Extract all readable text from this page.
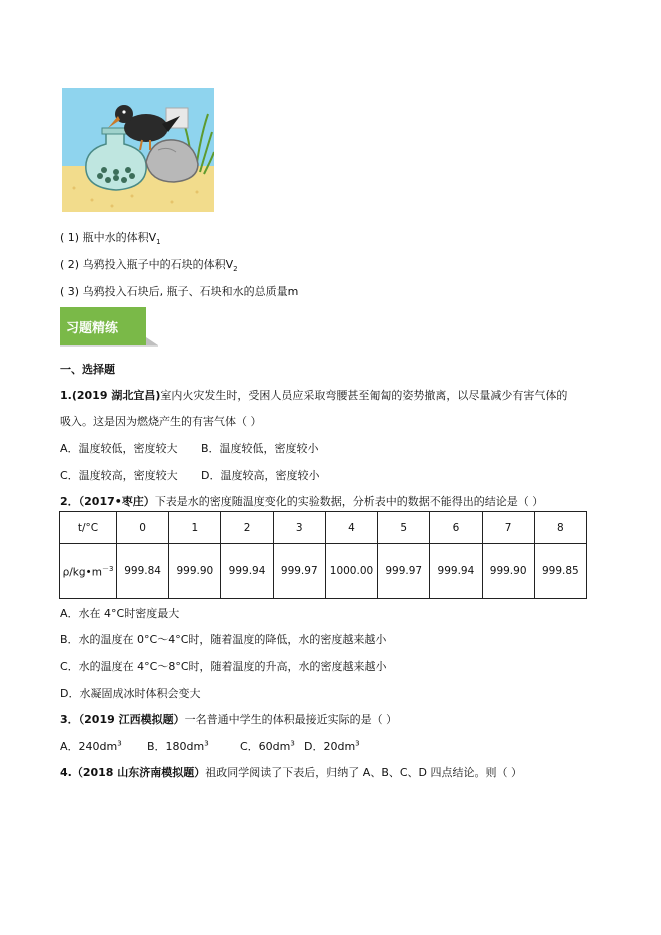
( 1) 瓶中水的体积$V_1$
( 2) 乌鸦投入瓶子中的石块的体积$V_2$
( 3) 乌鸦投入石块后, 瓶子、石块和水的总质量m
习题精练
一、选择题
1.(2019 湖北宜昌)室内火灾发生时，受困人员应采取弯腰甚至匍匐的姿势撤离，以尽量减少有害气体的
吸入。这是因为燃烧产生的有害气体（ ）
A．温度较低，密度较大 B．温度较低，密度较小
C．温度较高，密度较大 D．温度较高，密度较小
2．（2017•枣庄）下表是水的密度随温度变化的实验数据，分析表中的数据不能得出的结论是（ ）
t/°C	0	1	2	3	4	5	6	7	8
$\rho/kg•m^{-3}$	999.84	999.90	999.94	999.97	1000.00	999.97	999.94	999.90	999.85
A．水在 4°C时密度最大
B．水的温度在 0°C～4°C时，随着温度的降低，水的密度越来越小
C．水的温度在 4°C～8°C时，随着温度的升高，水的密度越来越小
D．水凝固成冰时体积会变大
3．（2019 江西模拟题）一名普通中学生的体积最接近实际的是（ ）
A．$240dm^3$ B．$180dm^3$	C．$60dm^3$ D．$20dm^3$
4.（2018 山东济南模拟题）祖政同学阅读了下表后，归纳了 A、B、C、D 四点结论。则（ ）
